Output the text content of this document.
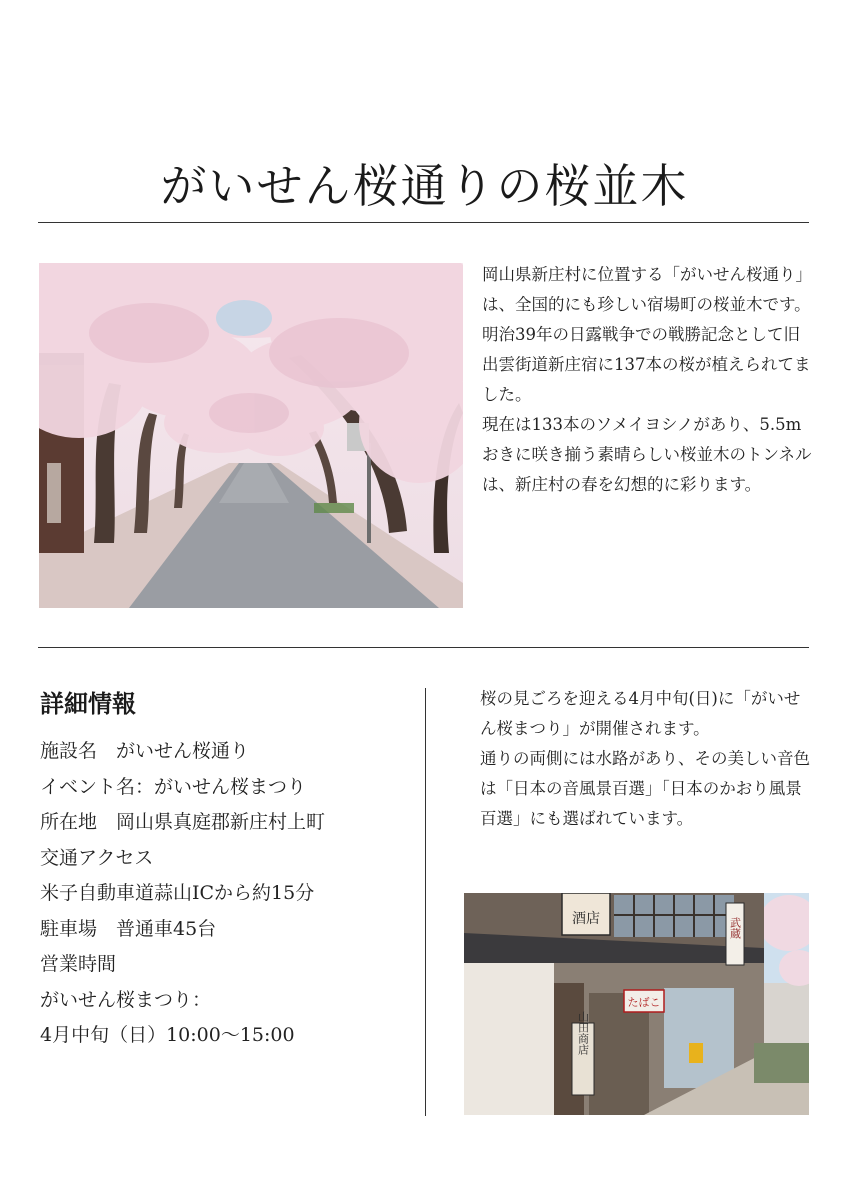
がいせん桜通りの桜並木

岡山県新庄村に位置する「がいせん桜通り」は、全国的にも珍しい宿場町の桜並木です。

明治39年の日露戦争での戦勝記念として旧出雲街道新庄宿に137本の桜が植えられてました。

現在は133本のソメイヨシノがあり、5.5mおきに咲き揃う素晴らしい桜並木のトンネルは、新庄村の春を幻想的に彩ります。

詳細情報
施設名　がいせん桜通り
イベント名：がいせん桜まつり
所在地　岡山県真庭郡新庄村上町
交通アクセス
米子自動車道蒜山ICから約15分
駐車場　普通車45台
営業時間
がいせん桜まつり：
4月中旬（日）10:00〜15:00

桜の見ごろを迎える4月中旬(日)に「がいせん桜まつり」が開催されます。

通りの両側には水路があり、その美しい音色は「日本の音風景百選」「日本のかおり風景百選」にも選ばれています。

酒店	武蔵
たばこ
山田商店
